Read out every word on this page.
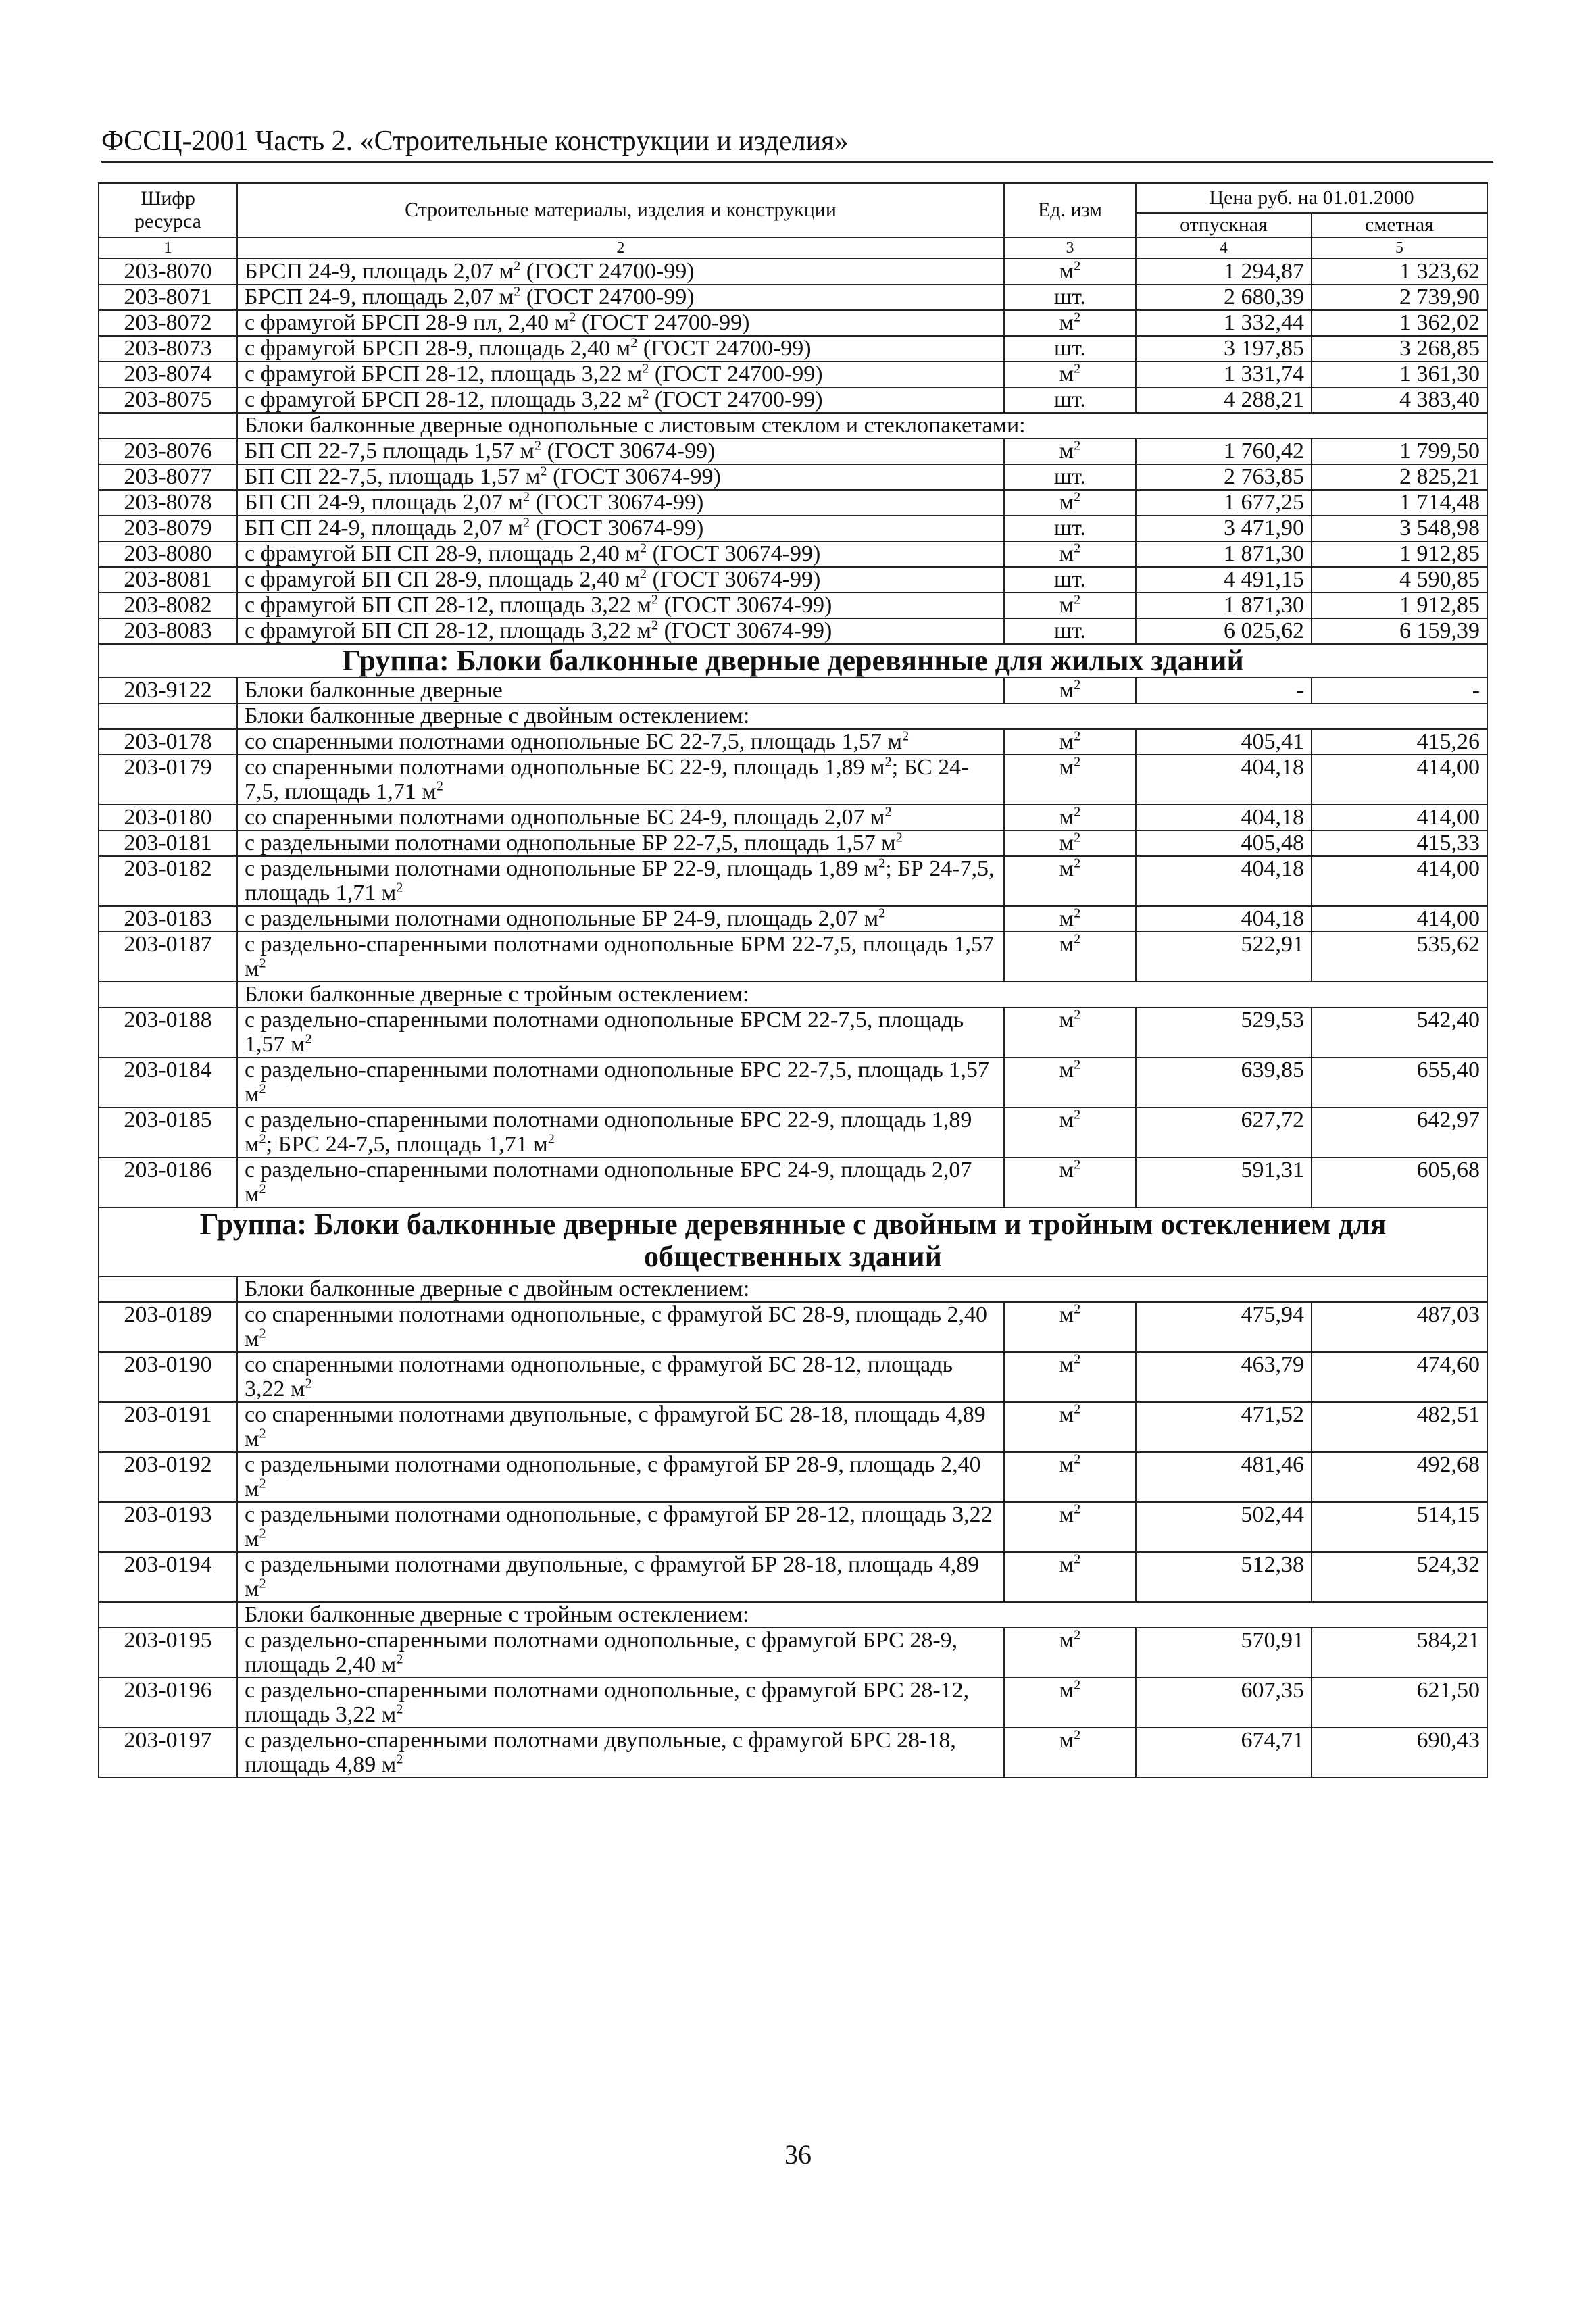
ФССЦ-2001 Часть 2. «Строительные конструкции и изделия»
Шифр ресурса	Строительные материалы, изделия и конструкции	Ед. изм	Цена руб. на 01.01.2000	
			отпускная	сметная
1	2	3	4	5
203-8070	БРСП 24-9, площадь 2,07 $м^2$ (ГОСТ 24700-99)	$м^2$	1 294,87	1 323,62
203-8071	БРСП 24-9, площадь 2,07 $м^2$ (ГОСТ 24700-99)	шт.	2 680,39	2 739,90
203-8072	с фрамугой БРСП 28-9 пл, 2,40 $м^2$ (ГОСТ 24700-99)	$м^2$	1 332,44	1 362,02
203-8073	с фрамугой БРСП 28-9, площадь 2,40 $м^2$ (ГОСТ 24700-99)	шт.	3 197,85	3 268,85
203-8074	с фрамугой БРСП 28-12, площадь 3,22 $м^2$ (ГОСТ 24700-99)	$м^2$	1 331,74	1 361,30
203-8075	с фрамугой БРСП 28-12, площадь 3,22 $м^2$ (ГОСТ 24700-99)	шт.	4 288,21	4 383,40
	Блоки балконные дверные однопольные с листовым стеклом и стеклопакетами:			
203-8076	БП СП 22-7,5 площадь 1,57 $м^2$ (ГОСТ 30674-99)	$м^2$	1 760,42	1 799,50
203-8077	БП СП 22-7,5, площадь 1,57 $м^2$ (ГОСТ 30674-99)	шт.	2 763,85	2 825,21
203-8078	БП СП 24-9, площадь 2,07 $м^2$ (ГОСТ 30674-99)	$м^2$	1 677,25	1 714,48
203-8079	БП СП 24-9, площадь 2,07 $м^2$ (ГОСТ 30674-99)	шт.	3 471,90	3 548,98
203-8080	с фрамугой БП СП 28-9, площадь 2,40 $м^2$ (ГОСТ 30674-99)	$м^2$	1 871,30	1 912,85
203-8081	с фрамугой БП СП 28-9, площадь 2,40 $м^2$ (ГОСТ 30674-99)	шт.	4 491,15	4 590,85
203-8082	с фрамугой БП СП 28-12, площадь 3,22 $м^2$ (ГОСТ 30674-99)	$м^2$	1 871,30	1 912,85
203-8083	с фрамугой БП СП 28-12, площадь 3,22 $м^2$ (ГОСТ 30674-99)	шт.	6 025,62	6 159,39
Группа: Блоки балконные дверные деревянные для жилых зданий				
203-9122	Блоки балконные дверные	$м^2$	-	-
	Блоки балконные дверные с двойным остеклением:			
203-0178	со спаренными полотнами однопольные БС 22-7,5, площадь 1,57 $м^2$	$м^2$	405,41	415,26
203-0179	со спаренными полотнами однопольные БС 22-9, площадь 1,89 $м^2$; БС 24-7,5, площадь 1,71 $м^2$	$м^2$	404,18	414,00
203-0180	со спаренными полотнами однопольные БС 24-9, площадь 2,07 $м^2$	$м^2$	404,18	414,00
203-0181	с раздельными полотнами однопольные БР 22-7,5, площадь 1,57 $м^2$	$м^2$	405,48	415,33
203-0182	с раздельными полотнами однопольные БР 22-9, площадь 1,89 $м^2$; БР 24-7,5, площадь 1,71 $м^2$	$м^2$	404,18	414,00
203-0183	с раздельными полотнами однопольные БР 24-9, площадь 2,07 $м^2$	$м^2$	404,18	414,00
203-0187	с раздельно-спаренными полотнами однопольные БРМ 22-7,5, площадь 1,57 $м^2$	$м^2$	522,91	535,62
	Блоки балконные дверные с тройным остеклением:			
203-0188	с раздельно-спаренными полотнами однопольные БРСМ 22-7,5, площадь 1,57 $м^2$	$м^2$	529,53	542,40
203-0184	с раздельно-спаренными полотнами однопольные БРС 22-7,5, площадь 1,57 $м^2$	$м^2$	639,85	655,40
203-0185	с раздельно-спаренными полотнами однопольные БРС 22-9, площадь 1,89 $м^2$; БРС 24-7,5, площадь 1,71 $м^2$	$м^2$	627,72	642,97
203-0186	с раздельно-спаренными полотнами однопольные БРС 24-9, площадь 2,07 $м^2$	$м^2$	591,31	605,68
Группа: Блоки балконные дверные деревянные с двойным и тройным остеклением для общественных зданий				
	Блоки балконные дверные с двойным остеклением:			
203-0189	со спаренными полотнами однопольные, с фрамугой БС 28-9, площадь 2,40 $м^2$	$м^2$	475,94	487,03
203-0190	со спаренными полотнами однопольные, с фрамугой БС 28-12, площадь 3,22 $м^2$	$м^2$	463,79	474,60
203-0191	со спаренными полотнами двупольные, с фрамугой БС 28-18, площадь 4,89 $м^2$	$м^2$	471,52	482,51
203-0192	с раздельными полотнами однопольные, с фрамугой БР 28-9, площадь 2,40 $м^2$	$м^2$	481,46	492,68
203-0193	с раздельными полотнами однопольные, с фрамугой БР 28-12, площадь 3,22 $м^2$	$м^2$	502,44	514,15
203-0194	с раздельными полотнами двупольные, с фрамугой БР 28-18, площадь 4,89 $м^2$	$м^2$	512,38	524,32
	Блоки балконные дверные с тройным остеклением:			
203-0195	с раздельно-спаренными полотнами однопольные, с фрамугой БРС 28-9, площадь 2,40 $м^2$	$м^2$	570,91	584,21
203-0196	с раздельно-спаренными полотнами однопольные, с фрамугой БРС 28-12, площадь 3,22 $м^2$	$м^2$	607,35	621,50
203-0197	с раздельно-спаренными полотнами двупольные, с фрамугой БРС 28-18, площадь 4,89 $м^2$	$м^2$	674,71	690,43
36
